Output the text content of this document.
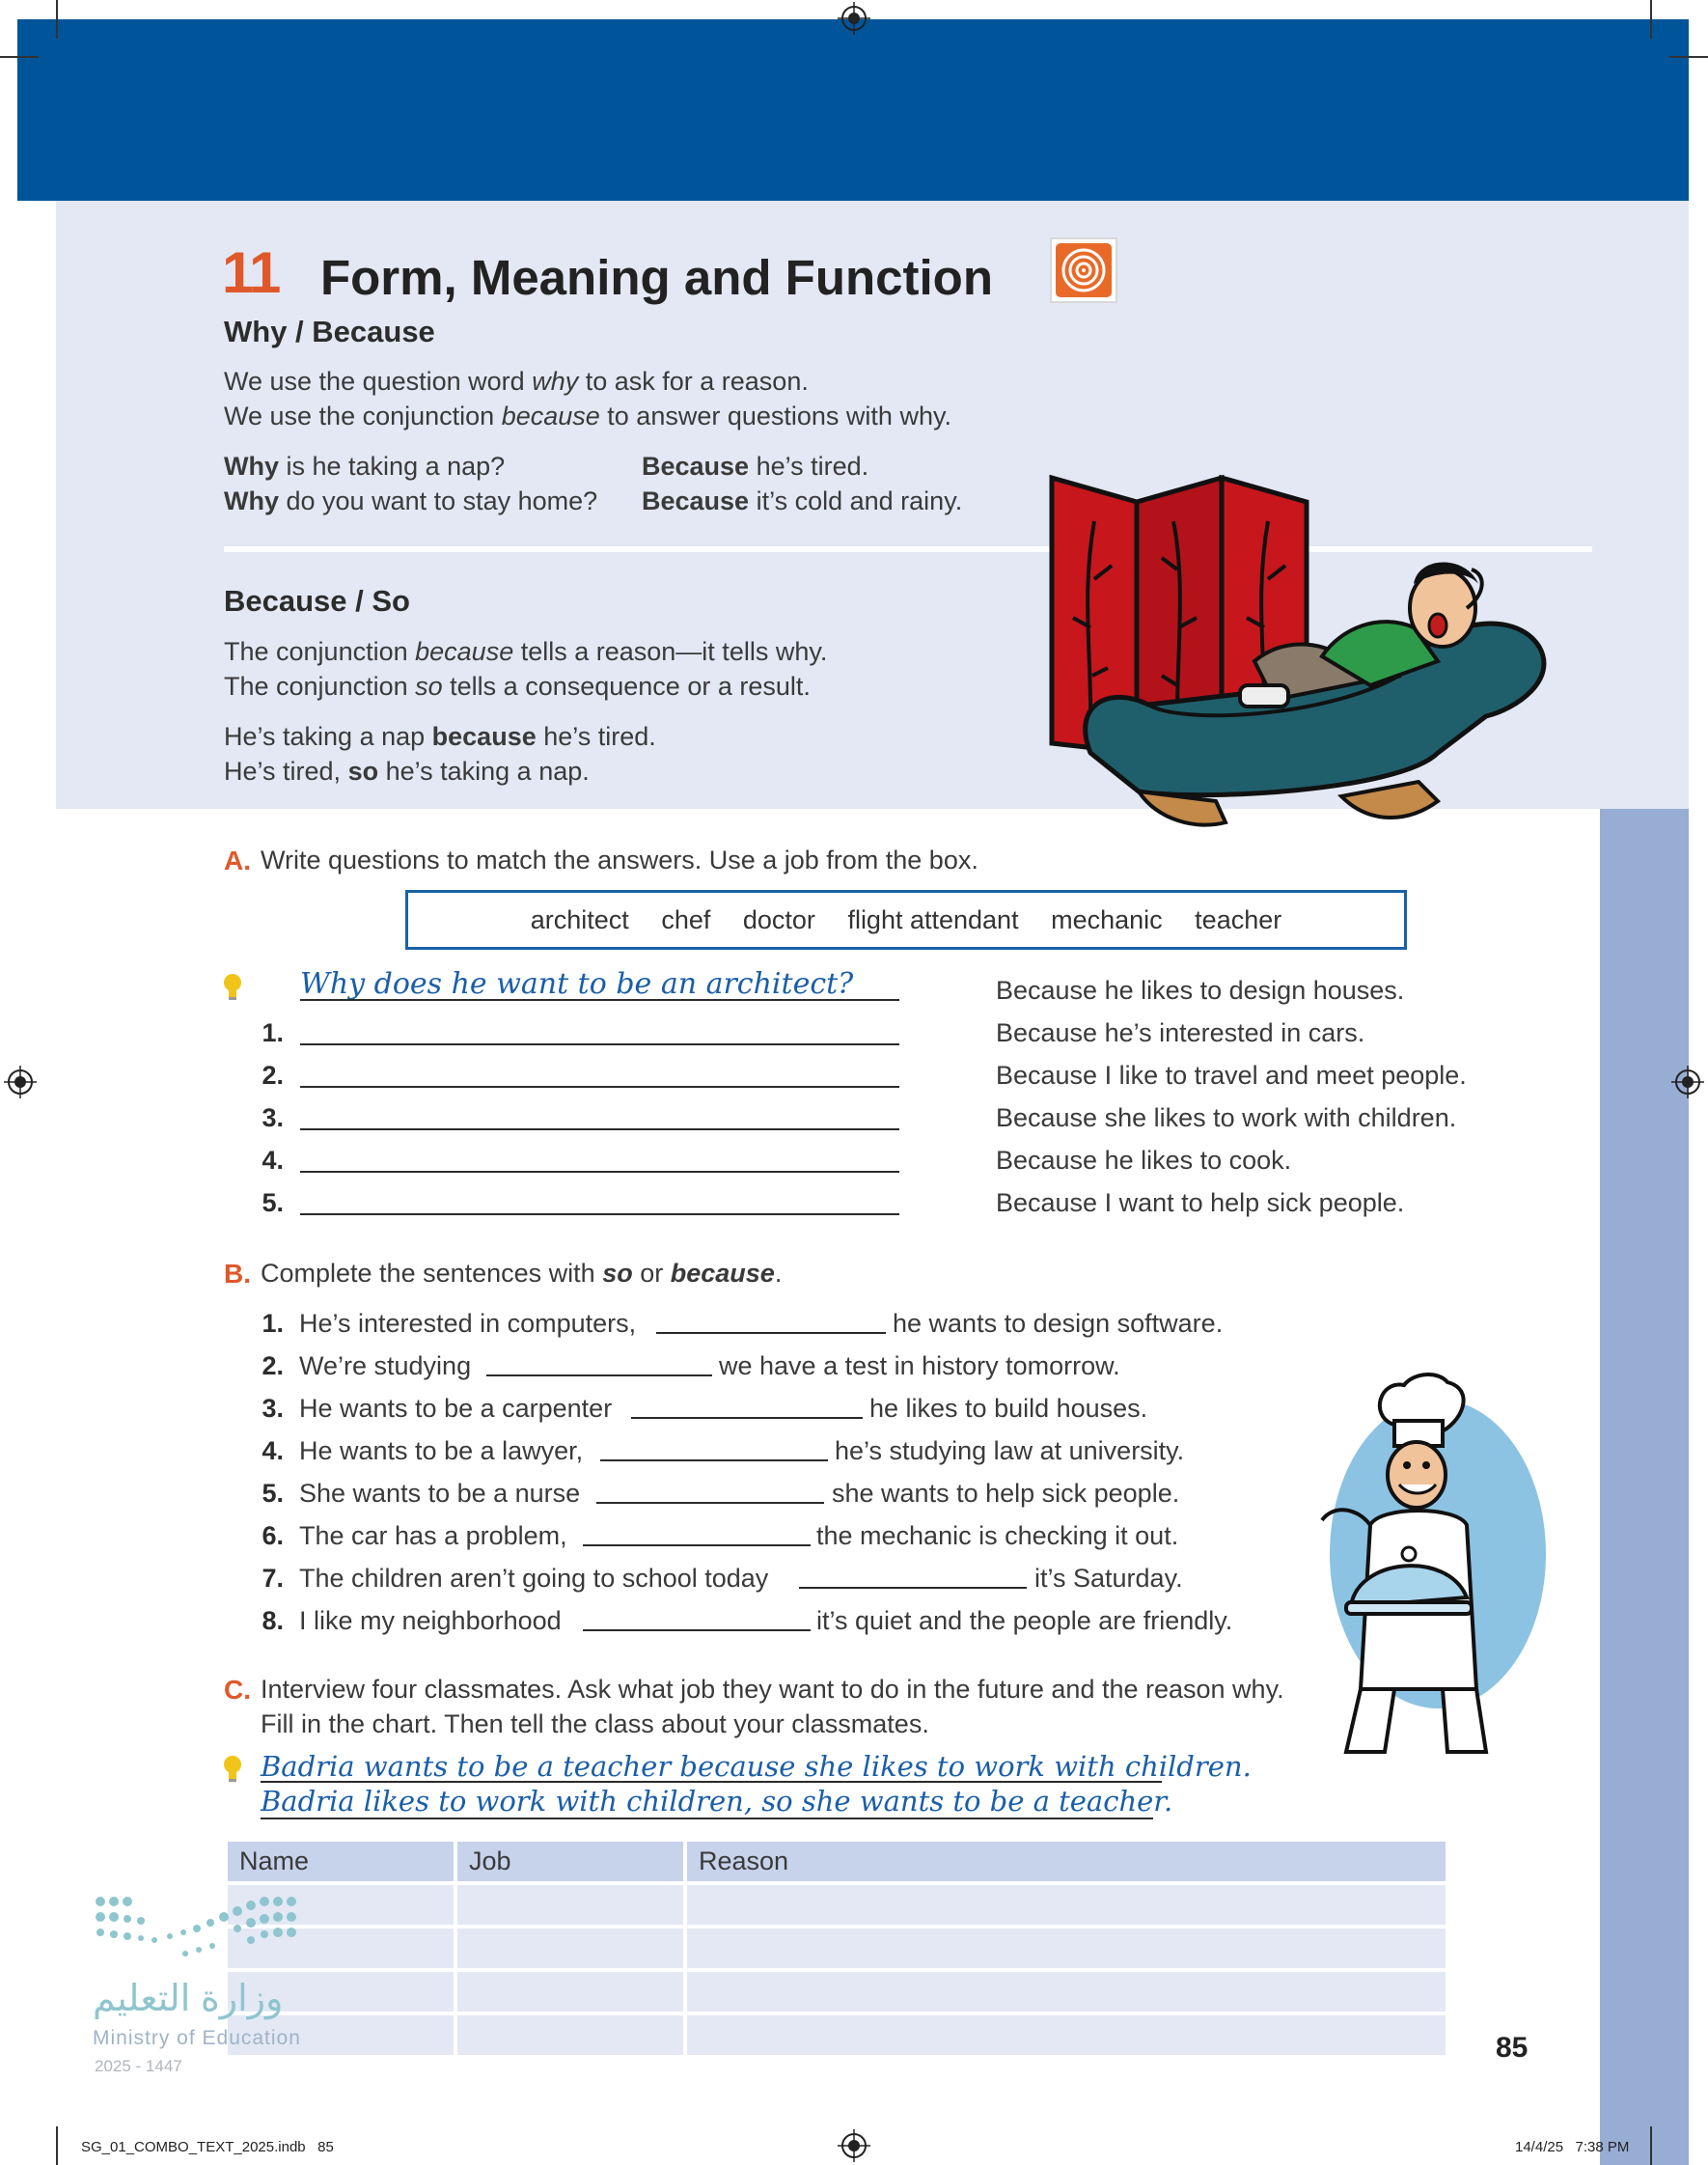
11 Form, Meaning and Function
Why / Because
We use the question word why to ask for a reason.
We use the conjunction because to answer questions with why.
Why is he taking a nap?	Because he’s tired.
Why do you want to stay home? Because it’s cold and rainy.
Because / So
The conjunction because tells a reason—it tells why.
The conjunction so tells a consequence or a result.
He’s taking a nap because he’s tired.
He’s tired, so he’s taking a nap.
A. Write questions to match the answers. Use a job from the box.
architect chef doctor flight attendant mechanic teacher
Why does he want to be an architect?	Because he likes to design houses.
1.	Because he’s interested in cars.
2.	Because I like to travel and meet people.
3.	Because she likes to work with children.
4.	Because he likes to cook.
5.	Because I want to help sick people.
B. Complete the sentences with so or because.
1. He’s interested in computers,	he wants to design software.
2. We’re studying	we have a test in history tomorrow.
3. He wants to be a carpenter	he likes to build houses.
4. He wants to be a lawyer,	he’s studying law at university.
5. She wants to be a nurse	she wants to help sick people.
6. The car has a problem,	the mechanic is checking it out.
7. The children aren’t going to school today	it’s Saturday.
8. I like my neighborhood	it’s quiet and the people are friendly.
C. Interview four classmates. Ask what job they want to do in the future and the reason why.
Fill in the chart. Then tell the class about your classmates.
Badria wants to be a teacher because she likes to work with children.
Badria likes to work with children, so she wants to be a teacher.
Name	Job	Reason

وزارة التعليم
Ministry of Education
2025 - 1447
85
SG_01_COMBO_TEXT_2025.indb   85	14/4/25   7:38 PM
